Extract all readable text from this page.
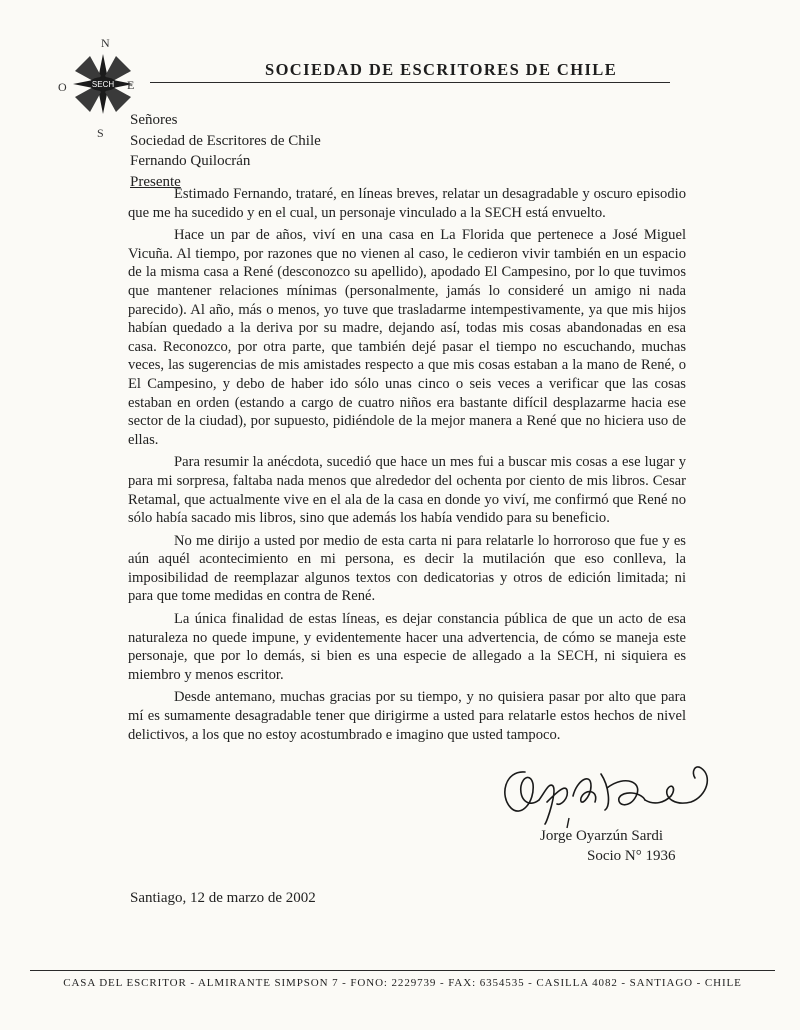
SECH
N
E
S
O
SOCIEDAD DE ESCRITORES DE CHILE
Señores
Sociedad de Escritores de Chile
Fernando Quilocrán
Presente

Estimado Fernando, trataré, en líneas breves, relatar un desagradable y oscuro episodio que me ha sucedido y en el cual, un personaje vinculado a la SECH está envuelto.

Hace un par de años, viví en una casa en La Florida que pertenece a José Miguel Vicuña. Al tiempo, por razones que no vienen al caso, le cedieron vivir también en un espacio de la misma casa a René (desconozco su apellido), apodado El Campesino, por lo que tuvimos que mantener relaciones mínimas (personalmente, jamás lo consideré un amigo ni nada parecido). Al año, más o menos, yo tuve que trasladarme intempestivamente, ya que mis hijos habían quedado a la deriva por su madre, dejando así, todas mis cosas abandonadas en esa casa. Reconozco, por otra parte, que también dejé pasar el tiempo no escuchando, muchas veces, las sugerencias de mis amistades respecto a que mis cosas estaban a la mano de René, o El Campesino, y debo de haber ido sólo unas cinco o seis veces a verificar que las cosas estaban en orden (estando a cargo de cuatro niños era bastante difícil desplazarme hacia ese sector de la ciudad), por supuesto, pidiéndole de la mejor manera a René que no hiciera uso de ellas.

Para resumir la anécdota, sucedió que hace un mes fui a buscar mis cosas a ese lugar y para mi sorpresa, faltaba nada menos que alrededor del ochenta por ciento de mis libros. Cesar Retamal, que actualmente vive en el ala de la casa en donde yo viví, me confirmó que René no sólo había sacado mis libros, sino que además los había vendido para su beneficio.

No me dirijo a usted por medio de esta carta ni para relatarle lo horroroso que fue y es aún aquél acontecimiento en mi persona, es decir la mutilación que eso conlleva, la imposibilidad de reemplazar algunos textos con dedicatorias y otros de edición limitada; ni para que tome medidas en contra de René.

La única finalidad de estas líneas, es dejar constancia pública de que un acto de esa naturaleza no quede impune, y evidentemente hacer una advertencia, de cómo se maneja este personaje, que por lo demás, si bien es una especie de allegado a la SECH, ni siquiera es miembro y menos escritor.

Desde antemano, muchas gracias por su tiempo, y no quisiera pasar por alto que para mí es sumamente desagradable tener que dirigirme a usted para relatarle estos hechos de nivel delictivos, a los que no estoy acostumbrado e imagino que usted tampoco.

Jorge Oyarzún Sardi
Socio N° 1936
Santiago, 12 de marzo de 2002
CASA DEL ESCRITOR - ALMIRANTE SIMPSON 7 - FONO: 2229739 - FAX: 6354535 - CASILLA 4082 - SANTIAGO - CHILE
